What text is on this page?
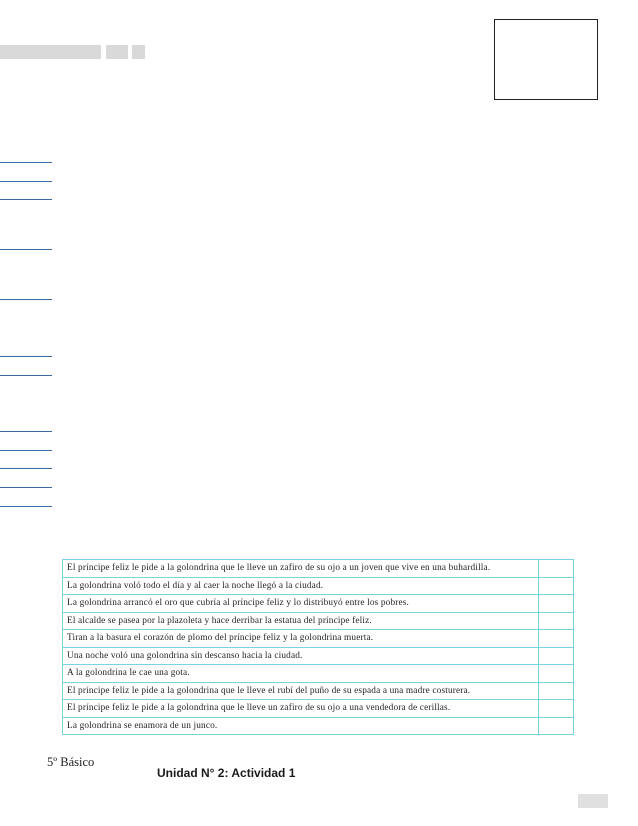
El príncipe feliz le pide a la golondrina que le lleve un zafiro de su ojo a un joven que vive en una buhardilla.	
La golondrina voló todo el día y al caer la noche llegó a la ciudad.	
La golondrina arrancó el oro que cubría al príncipe feliz y lo distribuyó entre los pobres.	
El alcalde se pasea por la plazoleta y hace derribar la estatua del príncipe feliz.	
Tiran a la basura el corazón de plomo del príncipe feliz y la golondrina muerta.	
Una noche voló una golondrina sin descanso hacia la ciudad.	
A la golondrina le cae una gota.	
El príncipe feliz le pide a la golondrina que le lleve el rubí del puño de su espada a una madre costurera.	
El príncipe feliz le pide a la golondrina que le lleve un zafiro de su ojo a una vendedora de cerillas.	
La golondrina se enamora de un junco.	
5º Básico
Unidad N° 2: Actividad 1
